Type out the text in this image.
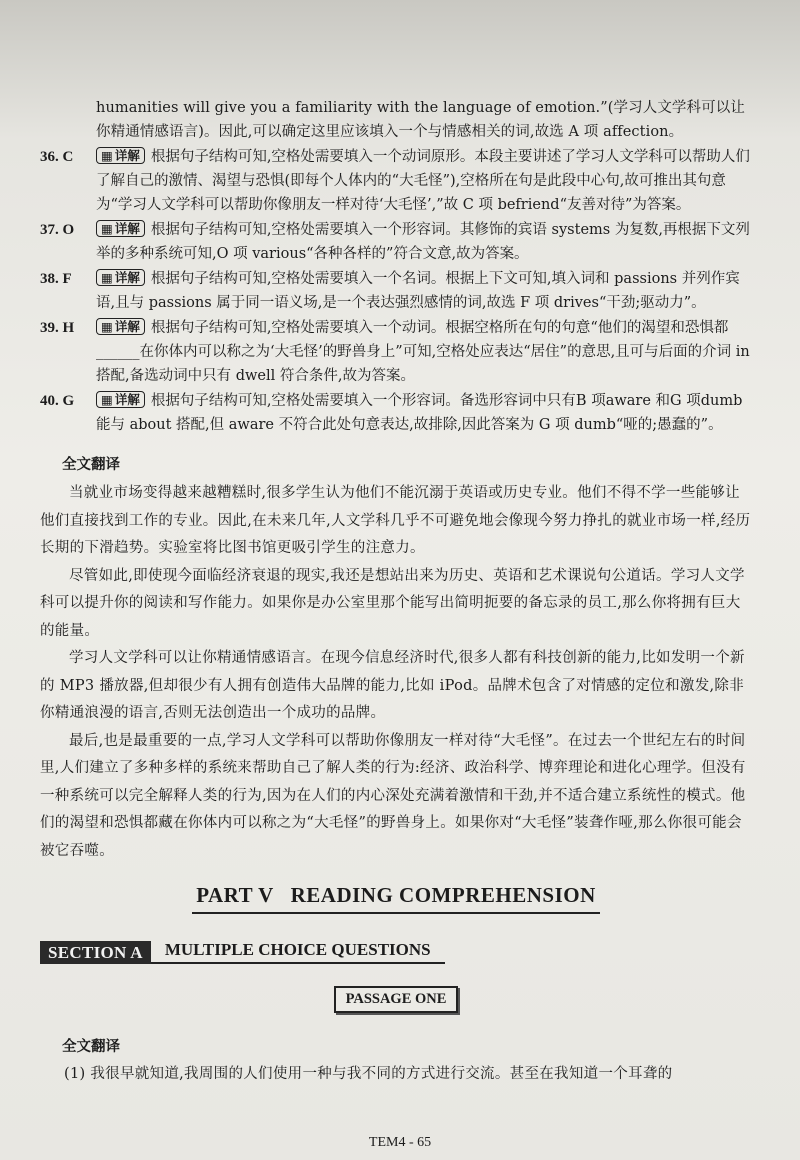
humanities will give you a familiarity with the language of emotion.”(学习人文学科可以让你精通情感语言)。因此,可以确定这里应该填入一个与情感相关的词,故选 A 项 affection。

36. C ▦ 详解 根据句子结构可知,空格处需要填入一个动词原形。本段主要讲述了学习人文学科可以帮助人们了解自己的激情、渴望与恐惧(即每个人体内的“大毛怪”),空格所在句是此段中心句,故可推出其句意为“学习人文学科可以帮助你像朋友一样对待‘大毛怪’,”故 C 项 befriend“友善对待”为答案。
37. O ▦ 详解 根据句子结构可知,空格处需要填入一个形容词。其修饰的宾语 systems 为复数,再根据下文列举的多种系统可知,O 项 various“各种各样的”符合文意,故为答案。
38. F ▦ 详解 根据句子结构可知,空格处需要填入一个名词。根据上下文可知,填入词和 passions 并列作宾语,且与 passions 属于同一语义场,是一个表达强烈感情的词,故选 F 项 drives“干劲;驱动力”。
39. H ▦ 详解 根据句子结构可知,空格处需要填入一个动词。根据空格所在句的句意“他们的渴望和恐惧都______在你体内可以称之为‘大毛怪’的野兽身上”可知,空格处应表达“居住”的意思,且可与后面的介词 in 搭配,备选动词中只有 dwell 符合条件,故为答案。
40. G ▦ 详解 根据句子结构可知,空格处需要填入一个形容词。备选形容词中只有B 项aware 和G 项dumb 能与 about 搭配,但 aware 不符合此处句意表达,故排除,因此答案为 G 项 dumb“哑的;愚蠢的”。
全文翻译

当就业市场变得越来越糟糕时,很多学生认为他们不能沉溺于英语或历史专业。他们不得不学一些能够让他们直接找到工作的专业。因此,在未来几年,人文学科几乎不可避免地会像现今努力挣扎的就业市场一样,经历长期的下滑趋势。实验室将比图书馆更吸引学生的注意力。

尽管如此,即使现今面临经济衰退的现实,我还是想站出来为历史、英语和艺术课说句公道话。学习人文学科可以提升你的阅读和写作能力。如果你是办公室里那个能写出简明扼要的备忘录的员工,那么你将拥有巨大的能量。

学习人文学科可以让你精通情感语言。在现今信息经济时代,很多人都有科技创新的能力,比如发明一个新的 MP3 播放器,但却很少有人拥有创造伟大品牌的能力,比如 iPod。品牌术包含了对情感的定位和激发,除非你精通浪漫的语言,否则无法创造出一个成功的品牌。

最后,也是最重要的一点,学习人文学科可以帮助你像朋友一样对待“大毛怪”。在过去一个世纪左右的时间里,人们建立了多种多样的系统来帮助自己了解人类的行为:经济、政治科学、博弈理论和进化心理学。但没有一种系统可以完全解释人类的行为,因为在人们的内心深处充满着激情和干劲,并不适合建立系统性的模式。他们的渴望和恐惧都藏在你体内可以称之为“大毛怪”的野兽身上。如果你对“大毛怪”装聋作哑,那么你很可能会被它吞噬。

PART V   READING COMPREHENSION
SECTION A	MULTIPLE CHOICE QUESTIONS
PASSAGE ONE
全文翻译

(1) 我很早就知道,我周围的人们使用一种与我不同的方式进行交流。甚至在我知道一个耳聋的

TEM4 - 65
